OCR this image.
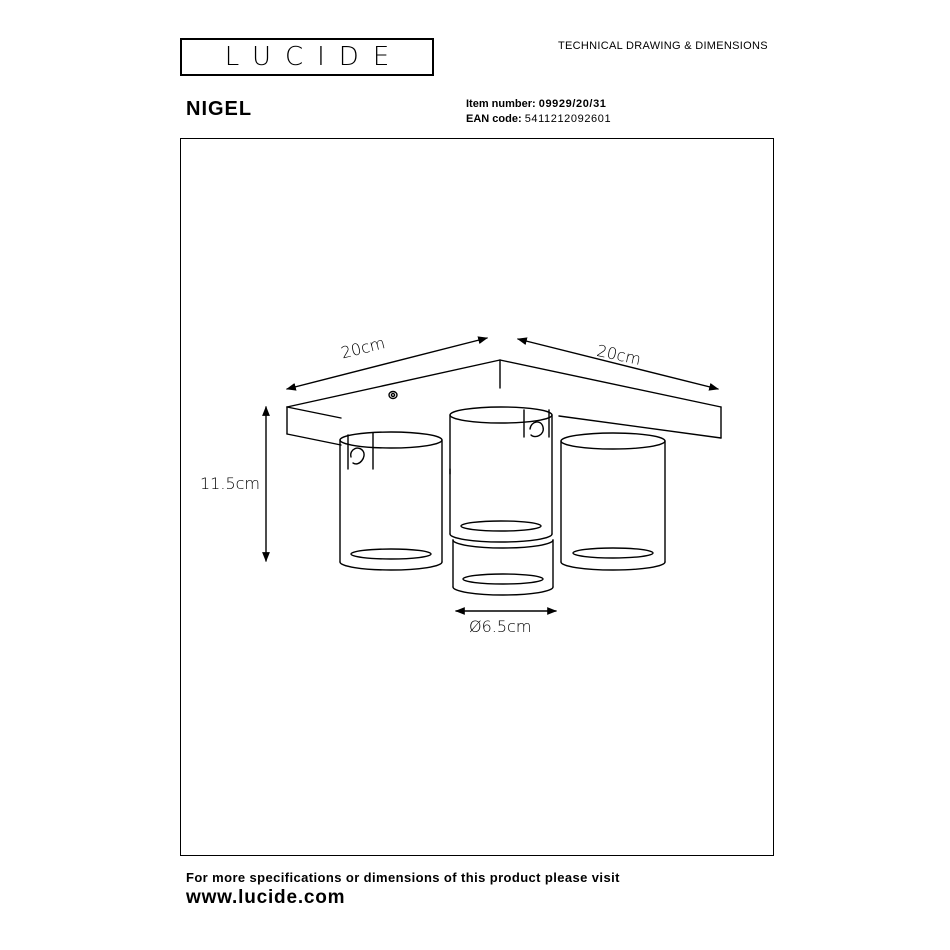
LUCIDE	TECHNICAL DRAWING & DIMENSIONS
NIGEL	Item number: 09929/20/31
EAN code: 5411212092601
20cm	20cm
11.5cm
Ø6.5cm
For more specifications or dimensions of this product please visit
www.lucide.com
